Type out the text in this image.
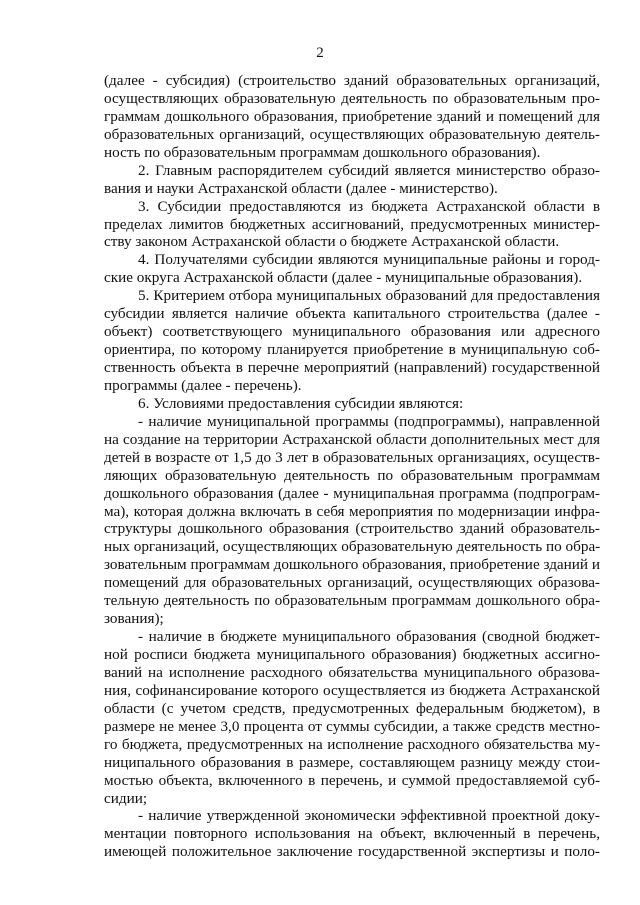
2
(далее - субсидия) (строительство зданий образовательных организаций,
осуществляющих образовательную деятельность по образовательным про-
граммам дошкольного образования, приобретение зданий и помещений для
образовательных организаций, осуществляющих образовательную деятель-
ность по образовательным программам дошкольного образования).
2. Главным распорядителем субсидий является министерство образо-
вания и науки Астраханской области (далее - министерство).
3. Субсидии предоставляются из бюджета Астраханской области в
пределах лимитов бюджетных ассигнований, предусмотренных министер-
ству законом Астраханской области о бюджете Астраханской области.
4. Получателями субсидии являются муниципальные районы и город-
ские округа Астраханской области (далее - муниципальные образования).
5. Критерием отбора муниципальных образований для предоставления
субсидии является наличие объекта капитального строительства (далее -
объект) соответствующего муниципального образования или адресного
ориентира, по которому планируется приобретение в муниципальную соб-
ственность объекта в перечне мероприятий (направлений) государственной
программы (далее - перечень).
6. Условиями предоставления субсидии являются:
- наличие муниципальной программы (подпрограммы), направленной
на создание на территории Астраханской области дополнительных мест для
детей в возрасте от 1,5 до 3 лет в образовательных организациях, осуществ-
ляющих образовательную деятельность по образовательным программам
дошкольного образования (далее - муниципальная программа (подпрограм-
ма), которая должна включать в себя мероприятия по модернизации инфра-
структуры дошкольного образования (строительство зданий образователь-
ных организаций, осуществляющих образовательную деятельность по обра-
зовательным программам дошкольного образования, приобретение зданий и
помещений для образовательных организаций, осуществляющих образова-
тельную деятельность по образовательным программам дошкольного обра-
зования);
- наличие в бюджете муниципального образования (сводной бюджет-
ной росписи бюджета муниципального образования) бюджетных ассигно-
ваний на исполнение расходного обязательства муниципального образова-
ния, софинансирование которого осуществляется из бюджета Астраханской
области (с учетом средств, предусмотренных федеральным бюджетом), в
размере не менее 3,0 процента от суммы субсидии, а также средств местно-
го бюджета, предусмотренных на исполнение расходного обязательства му-
ниципального образования в размере, составляющем разницу между стои-
мостью объекта, включенного в перечень, и суммой предоставляемой суб-
сидии;
- наличие утвержденной экономически эффективной проектной доку-
ментации повторного использования на объект, включенный в перечень,
имеющей положительное заключение государственной экспертизы и поло-
